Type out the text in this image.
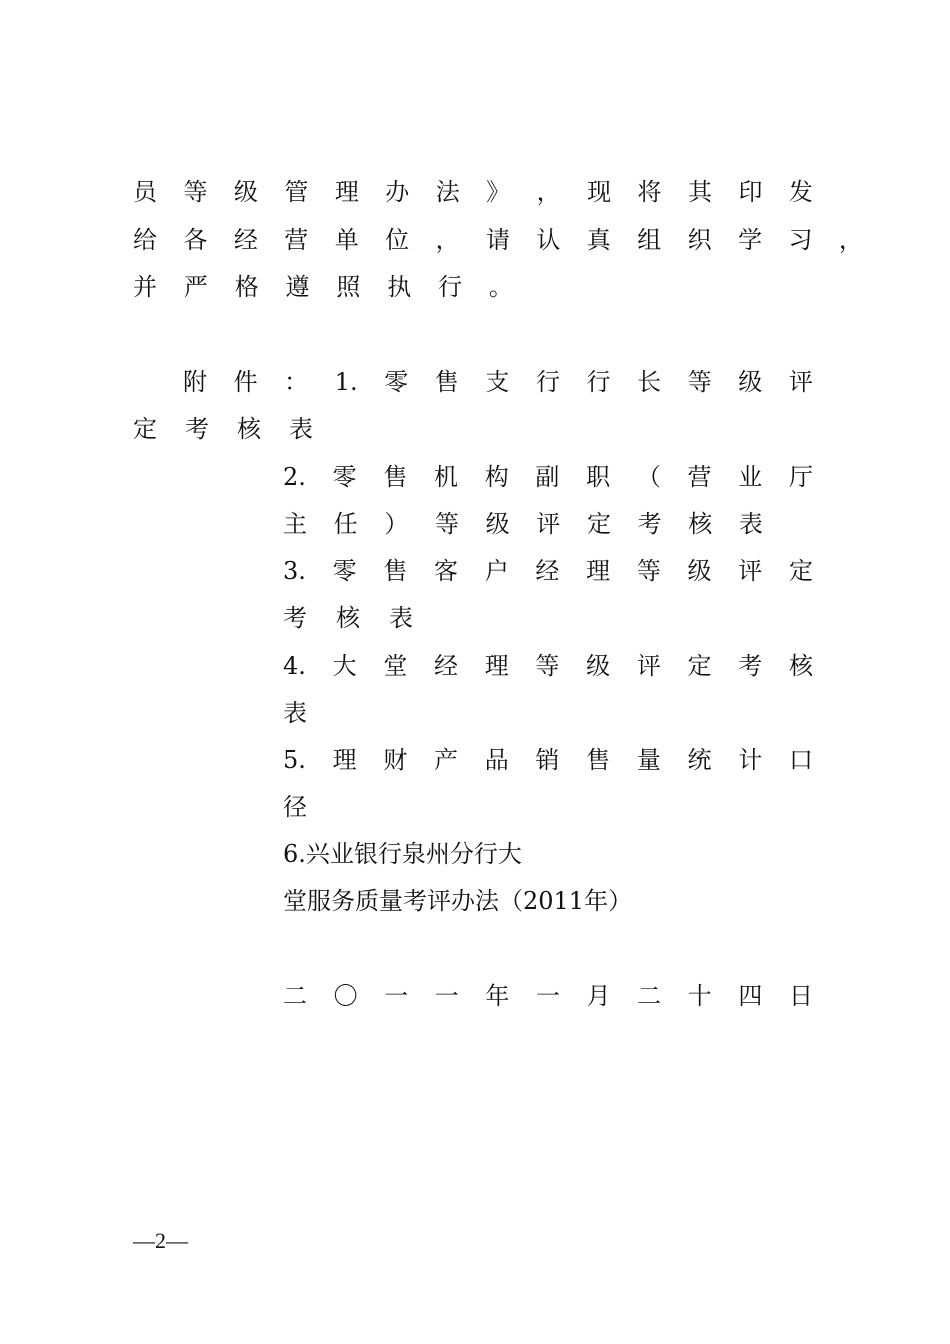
员 等 级 管 理 办 法 》 ， 现 将 其 印 发
给 各 经 营 单 位 ， 请 认 真 组 织 学 习 ，
并 严 格 遵 照 执 行 。
附 件 ： 1. 零 售 支 行 行 长 等 级 评
定 考 核 表
2. 零 售 机 构 副 职 （ 营 业 厅
主 任 ） 等 级 评 定 考 核 表
3. 零 售 客 户 经 理 等 级 评 定
考 核 表
4. 大 堂 经 理 等 级 评 定 考 核
表
5. 理 财 产 品 销 售 量 统 计 口
径
6.兴业银行泉州分行大
堂服务质量考评办法（2011年）
二 〇 一 一 年 一 月 二 十 四 日
—2—
